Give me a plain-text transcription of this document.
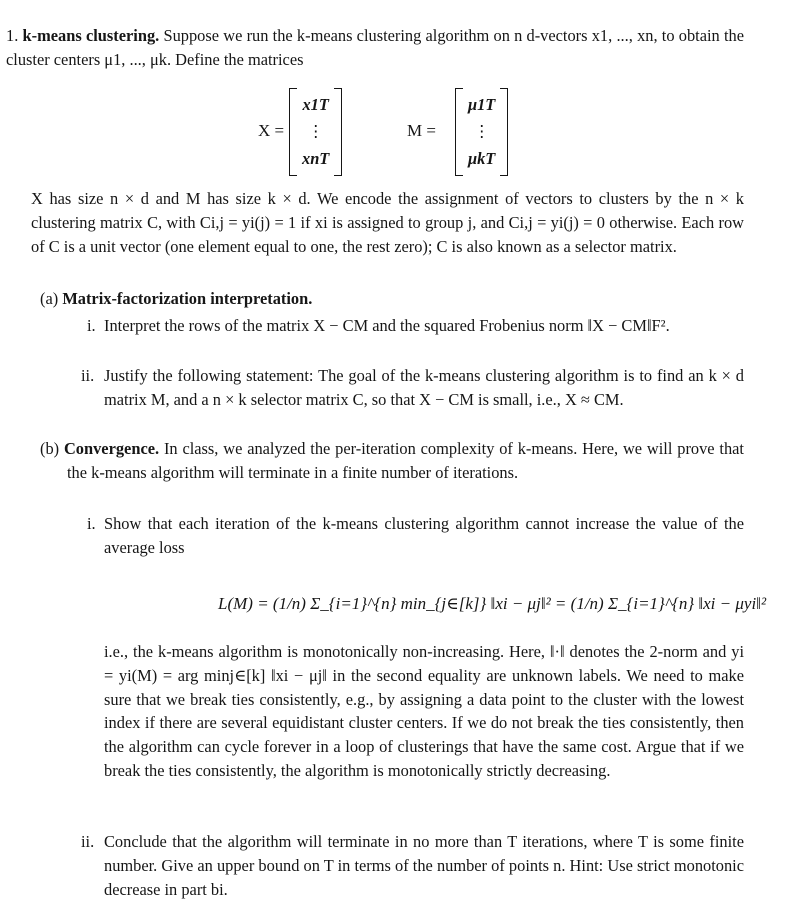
1. k-means clustering. Suppose we run the k-means clustering algorithm on n d-vectors x1, ..., xn, to obtain the cluster centers μ1, ..., μk. Define the matrices

X =
x1T
⋮
xnT
M =
μ1T
⋮
μkT

X has size n × d and M has size k × d. We encode the assignment of vectors to clusters by the n × k clustering matrix C, with Ci,j = yi(j) = 1 if xi is assigned to group j, and Ci,j = yi(j) = 0 otherwise. Each row of C is a unit vector (one element equal to one, the rest zero); C is also known as a selector matrix.

(a) Matrix-factorization interpretation.

i. Interpret the rows of the matrix X − CM and the squared Frobenius norm ‖X − CM‖F².

ii. Justify the following statement: The goal of the k-means clustering algorithm is to find an k × d matrix M, and a n × k selector matrix C, so that X − CM is small, i.e., X ≈ CM.

(b) Convergence. In class, we analyzed the per-iteration complexity of k-means. Here, we will prove that the k-means algorithm will terminate in a finite number of iterations.

i. Show that each iteration of the k-means clustering algorithm cannot increase the value of the average loss

L(M) = (1/n) Σ_{i=1}^{n} min_{j∈[k]} ‖xi − μj‖² = (1/n) Σ_{i=1}^{n} ‖xi − μyi‖²

i.e., the k-means algorithm is monotonically non-increasing. Here, ‖·‖ denotes the 2-norm and yi = yi(M) = arg minj∈[k] ‖xi − μj‖ in the second equality are unknown labels. We need to make sure that we break ties consistently, e.g., by assigning a data point to the cluster with the lowest index if there are several equidistant cluster centers. If we do not break the ties consistently, then the algorithm can cycle forever in a loop of clusterings that have the same cost. Argue that if we break the ties consistently, the algorithm is monotonically strictly decreasing.

ii. Conclude that the algorithm will terminate in no more than T iterations, where T is some finite number. Give an upper bound on T in terms of the number of points n. Hint: Use strict monotonic decrease in part bi.
